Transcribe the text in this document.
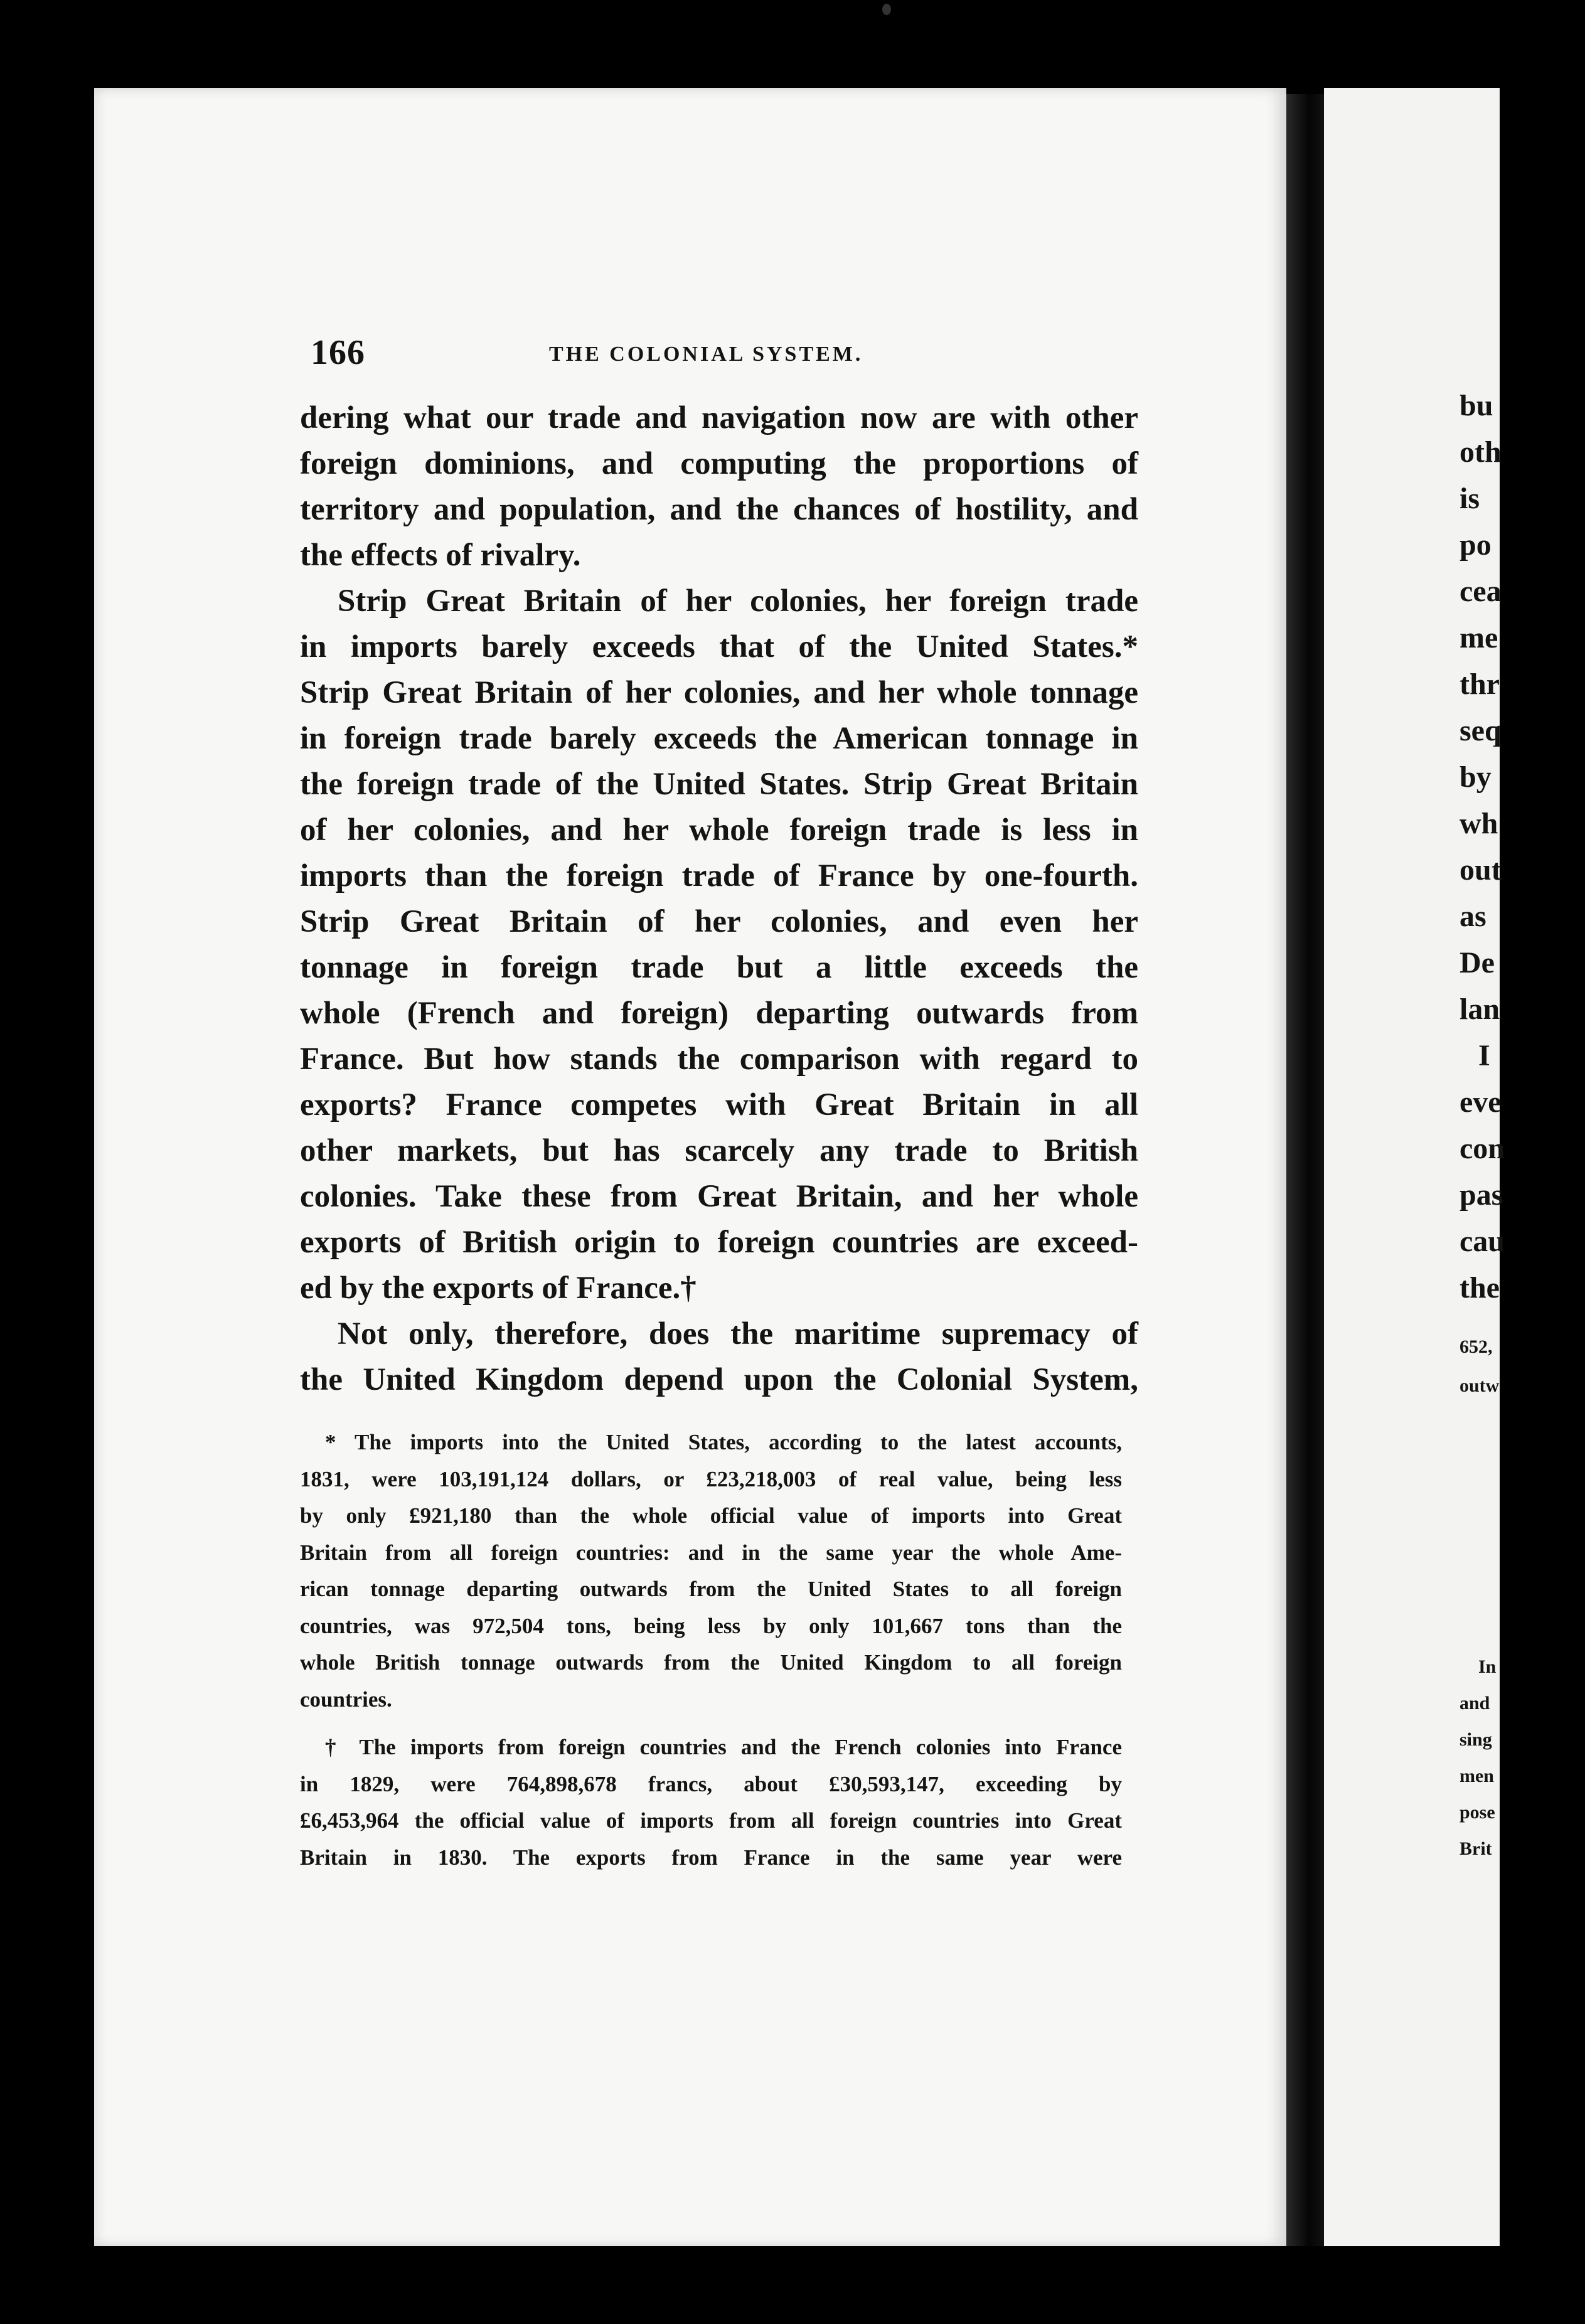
bu
oth
is
po
cea
me
thr
seq
by
wh
out
as
De
lan
I
eve
con
pas
cau
the
652,
outw
In
and
sing
men
pose
Brit
166	THE COLONIAL SYSTEM.
dering what our trade and navigation now are with other
foreign dominions, and computing the proportions of
territory and population, and the chances of hostility, and
the effects of rivalry.
Strip Great Britain of her colonies, her foreign trade
in imports barely exceeds that of the United States.*
Strip Great Britain of her colonies, and her whole tonnage
in foreign trade barely exceeds the American tonnage in
the foreign trade of the United States. Strip Great Britain
of her colonies, and her whole foreign trade is less in
imports than the foreign trade of France by one-fourth.
Strip Great Britain of her colonies, and even her
tonnage in foreign trade but a little exceeds the
whole (French and foreign) departing outwards from
France. But how stands the comparison with regard to
exports? France competes with Great Britain in all
other markets, but has scarcely any trade to British
colonies. Take these from Great Britain, and her whole
exports of British origin to foreign countries are exceed-
ed by the exports of France.†
Not only, therefore, does the maritime supremacy of
the United Kingdom depend upon the Colonial System,
* The imports into the United States, according to the latest accounts,
1831, were 103,191,124 dollars, or £23,218,003 of real value, being less
by only £921,180 than the whole official value of imports into Great
Britain from all foreign countries: and in the same year the whole Ame-
rican tonnage departing outwards from the United States to all foreign
countries, was 972,504 tons, being less by only 101,667 tons than the
whole British tonnage outwards from the United Kingdom to all foreign
countries.
† The imports from foreign countries and the French colonies into France
in 1829, were 764,898,678 francs, about £30,593,147, exceeding by
£6,453,964 the official value of imports from all foreign countries into Great
Britain in 1830. The exports from France in the same year were
